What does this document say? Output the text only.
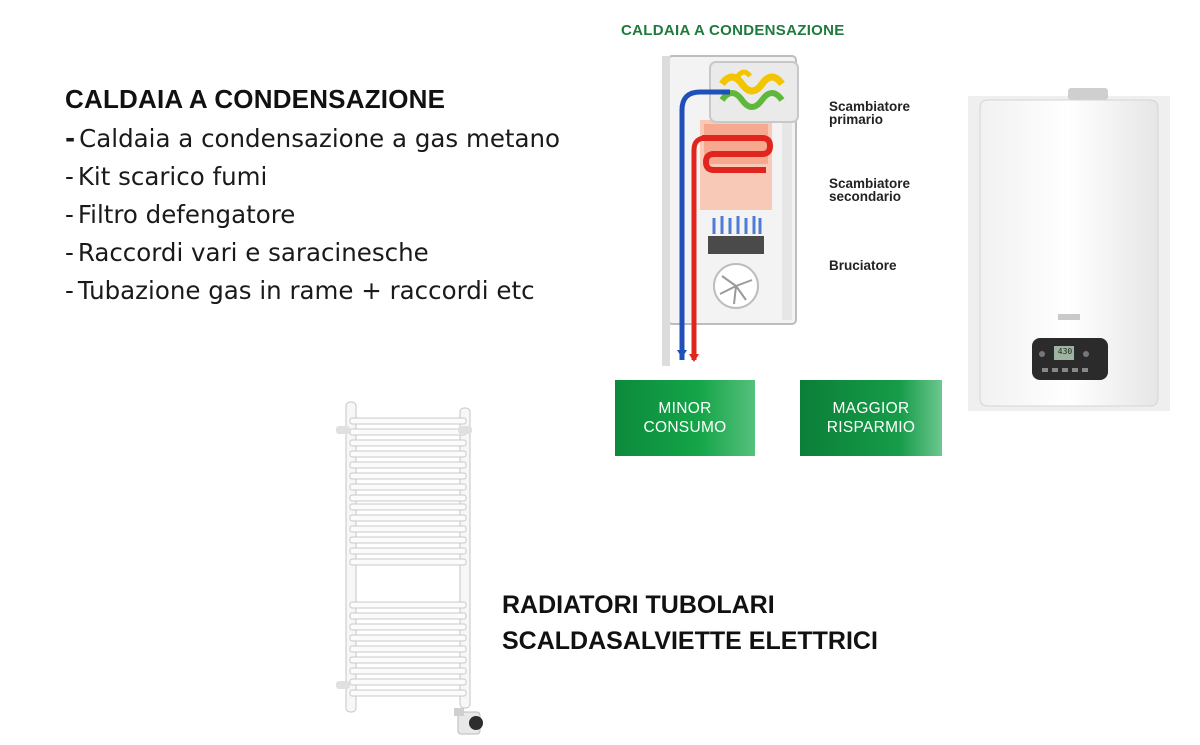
CALDAIA A CONDENSAZIONE
- Caldaia a condensazione a gas metano
- Kit scarico fumi
- Filtro defengatore
- Raccordi vari e saracinesche
- Tubazione gas in rame + raccordi etc
CALDAIA A CONDENSAZIONE
Scambiatore primario
Scambiatore secondario
Bruciatore
MINOR
CONSUMO
MAGGIOR
RISPARMIO
430
RADIATORI TUBOLARI
SCALDASALVIETTE ELETTRICI
